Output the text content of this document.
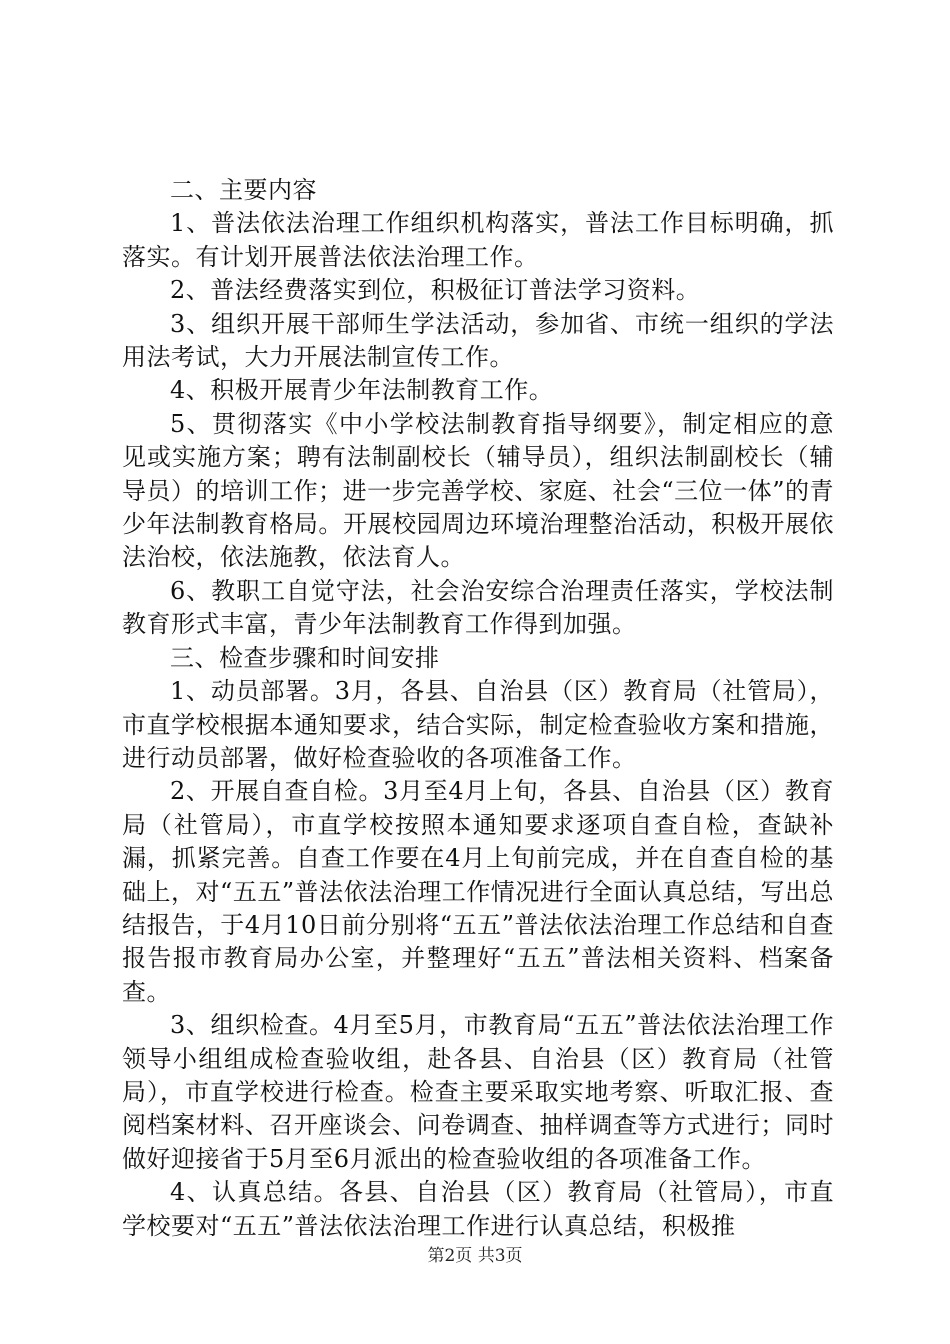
二、主要内容

1、普法依法治理工作组织机构落实，普法工作目标明确，抓落实。有计划开展普法依法治理工作。

2、普法经费落实到位，积极征订普法学习资料。

3、组织开展干部师生学法活动，参加省、市统一组织的学法用法考试，大力开展法制宣传工作。

4、积极开展青少年法制教育工作。

5、贯彻落实《中小学校法制教育指导纲要》，制定相应的意见或实施方案；聘有法制副校长（辅导员），组织法制副校长（辅导员）的培训工作；进一步完善学校、家庭、社会“三位一体”的青少年法制教育格局。开展校园周边环境治理整治活动，积极开展依法治校，依法施教，依法育人。

6、教职工自觉守法，社会治安综合治理责任落实，学校法制教育形式丰富，青少年法制教育工作得到加强。

三、检查步骤和时间安排

1、动员部署。3月，各县、自治县（区）教育局（社管局），市直学校根据本通知要求，结合实际，制定检查验收方案和措施，进行动员部署，做好检查验收的各项准备工作。

2、开展自查自检。3月至4月上旬，各县、自治县（区）教育局（社管局），市直学校按照本通知要求逐项自查自检，查缺补漏，抓紧完善。自查工作要在4月上旬前完成，并在自查自检的基础上，对“五五”普法依法治理工作情况进行全面认真总结，写出总结报告，于4月10日前分别将“五五”普法依法治理工作总结和自查报告报市教育局办公室，并整理好“五五”普法相关资料、档案备查。

3、组织检查。4月至5月，市教育局“五五”普法依法治理工作领导小组组成检查验收组，赴各县、自治县（区）教育局（社管局），市直学校进行检查。检查主要采取实地考察、听取汇报、查阅档案材料、召开座谈会、问卷调查、抽样调查等方式进行；同时做好迎接省于5月至6月派出的检查验收组的各项准备工作。

4、认真总结。各县、自治县（区）教育局（社管局），市直学校要对“五五”普法依法治理工作进行认真总结，积极推

第2页 共3页
